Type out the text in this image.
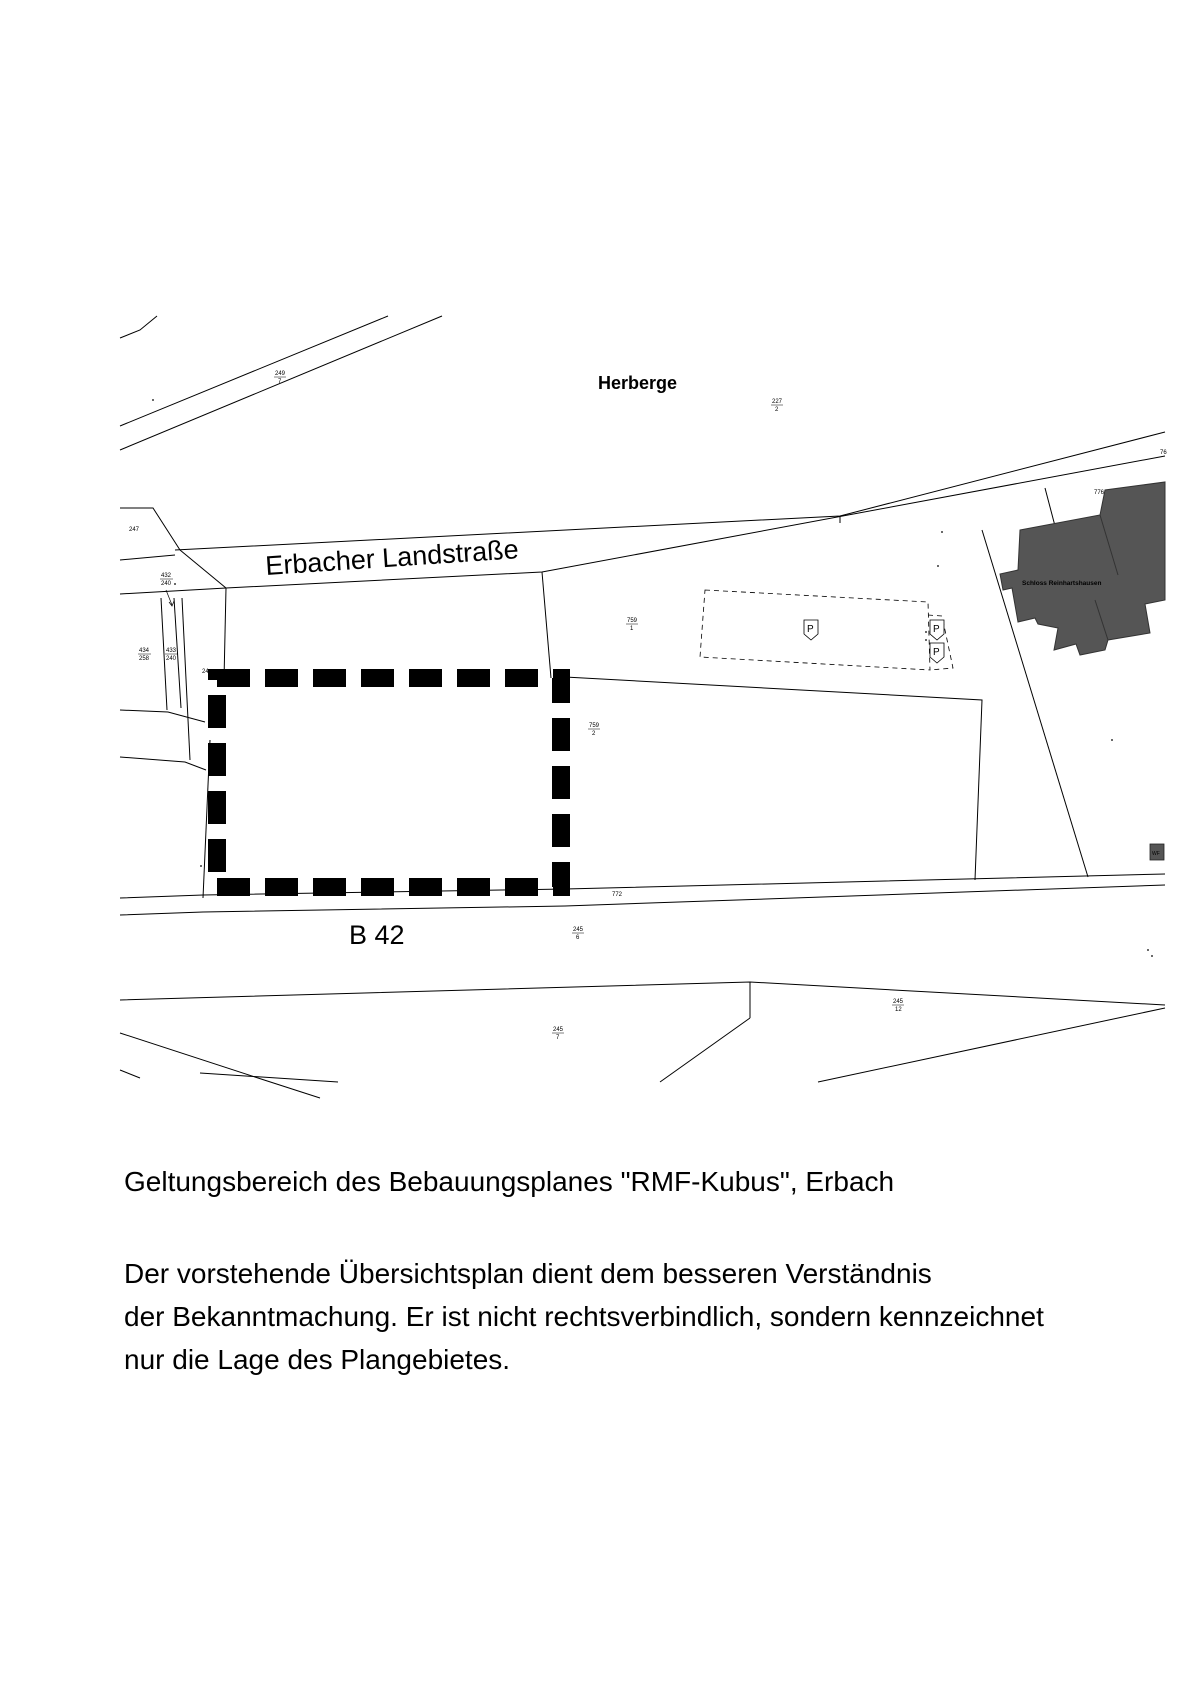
Schloss Reinhartshausen
P	P
P
WF
Herberge
Erbacher Landstraße
B 42
249
7
227
2
432
240
434
258
433
240
759
1
759
2
245
6
245
12
245
7
247
776
76
772
24
Geltungsbereich des Bebauungsplanes "RMF-Kubus", Erbach

Der vorstehende Übersichtsplan dient dem besseren Verständnis
der Bekanntmachung. Er ist nicht rechtsverbindlich, sondern kennzeichnet
nur die Lage des Plangebietes.
